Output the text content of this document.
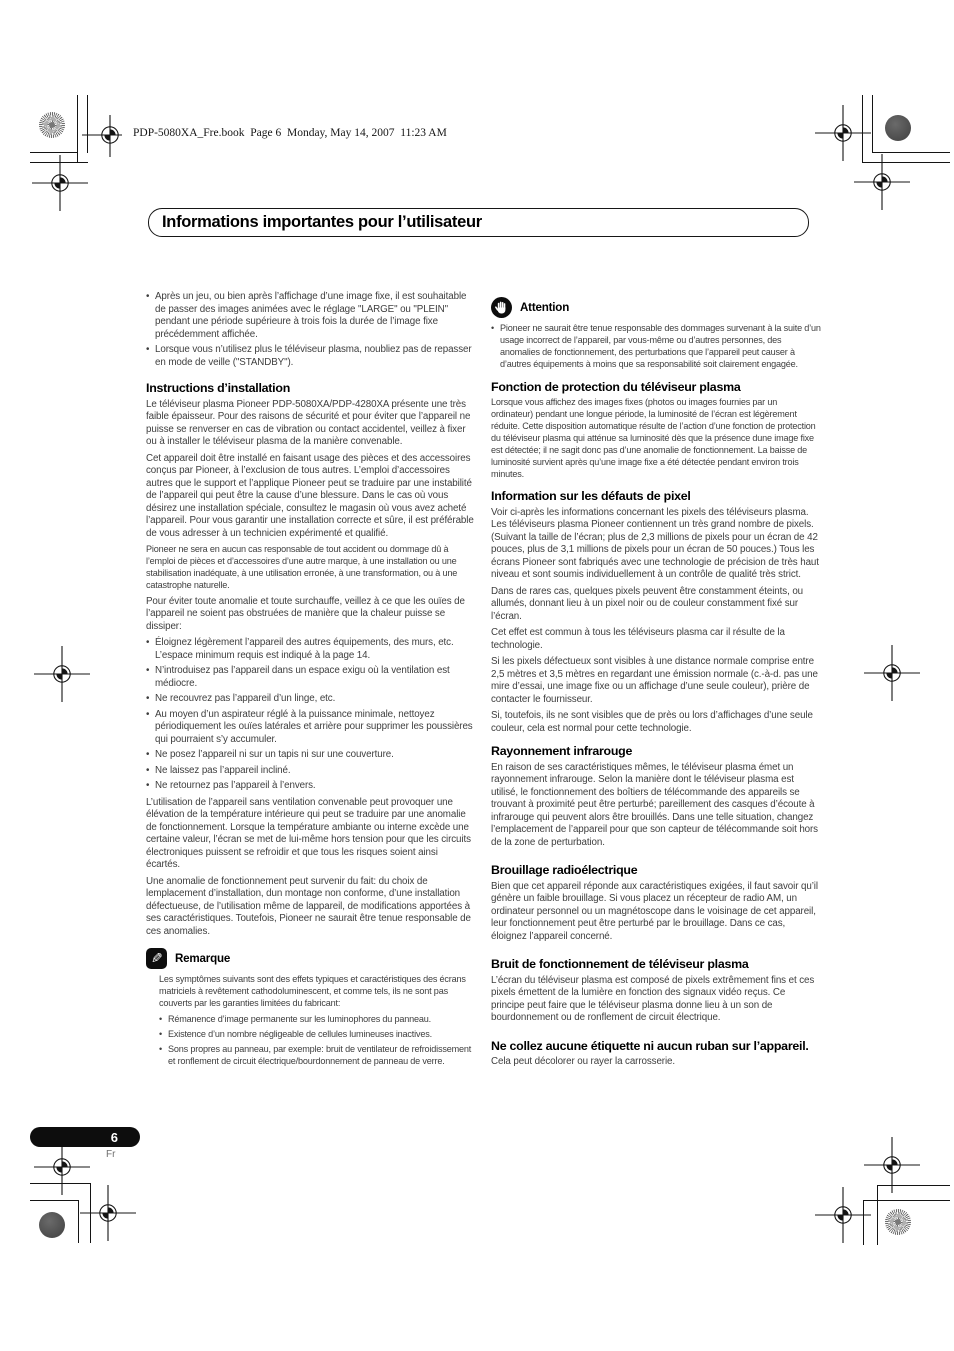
PDP-5080XA_Fre.book  Page 6  Monday, May 14, 2007  11:23 AM
Informations importantes pour l’utilisateur
• Après un jeu, ou bien après l’affichage d’une image fixe, il est souhaitable de passer des images animées avec le réglage "LARGE" ou "PLEIN" pendant une période supérieure à trois fois la durée de l’image fixe précédemment affichée.
• Lorsque vous n’utilisez plus le téléviseur plasma, noubliez pas de repasser en mode de veille ("STANDBY").
Instructions d’installation
Le téléviseur plasma Pioneer PDP-5080XA/PDP-4280XA présente une très faible épaisseur. Pour des raisons de sécurité et pour éviter que l’appareil ne puisse se renverser en cas de vibration ou contact accidentel, veillez à fixer ou à installer le téléviseur plasma de la manière convenable.
Cet appareil doit être installé en faisant usage des pièces et des accessoires conçus par Pioneer, à l’exclusion de tous autres. L’emploi d’accessoires autres que le support et l’applique Pioneer peut se traduire par une instabilité de l’appareil qui peut être la cause d’une blessure. Dans le cas où vous désirez une installation spéciale, consultez le magasin où vous avez acheté l’appareil. Pour vous garantir une installation correcte et sûre, il est préférable de vous adresser à un technicien expérimenté et qualifié.
Pioneer ne sera en aucun cas responsable de tout accident ou dommage dû à l’emploi de pièces et d’accessoires d’une autre marque, à une installation ou une stabilisation inadéquate, à une utilisation erronée, à une transformation, ou à une catastrophe naturelle.
Pour éviter toute anomalie et toute surchauffe, veillez à ce que les ouïes de l’appareil ne soient pas obstruées de manière que la chaleur puisse se dissiper:
• Éloignez légèrement l’appareil des autres équipements, des murs, etc. L’espace minimum requis est indiqué à la page 14.
• N’introduisez pas l’appareil dans un espace exigu où la ventilation est médiocre.
• Ne recouvrez pas l’appareil d’un linge, etc.
• Au moyen d’un aspirateur réglé à la puissance minimale, nettoyez périodiquement les ouïes latérales et arrière pour supprimer les poussières qui pourraient s’y accumuler.
• Ne posez l’appareil ni sur un tapis ni sur une couverture.
• Ne laissez pas l’appareil incliné.
• Ne retournez pas l’appareil à l’envers.
L’utilisation de l’appareil sans ventilation convenable peut provoquer une élévation de la température intérieure qui peut se traduire par une anomalie de fonctionnement. Lorsque la température ambiante ou interne excède une certaine valeur, l’écran se met de lui-même hors tension pour que les circuits électroniques puissent se refroidir et que tous les risques soient ainsi écartés.
Une anomalie de fonctionnement peut survenir du fait: du choix de lemplacement d’installation, dun montage non conforme, d’une installation défectueuse, de l’utilisation même de lappareil, de modifications apportées à ses caractéristiques. Toutefois, Pioneer ne saurait être tenue responsable de ces anomalies.
✎ Remarque
Les symptômes suivants sont des effets typiques et caractéristiques des écrans matriciels à revêtement cathodoluminescent, et comme tels, ils ne sont pas couverts par les garanties limitées du fabricant:
• Rémanence d’image permanente sur les luminophores du panneau.
• Existence d’un nombre négligeable de cellules lumineuses inactives.
• Sons propres au panneau, par exemple: bruit de ventilateur de refroidissement et ronflement de circuit électrique/bourdonnement de panneau de verre.
Attention
• Pioneer ne saurait être tenue responsable des dommages survenant à la suite d’un usage incorrect de l’appareil, par vous-même ou d’autres personnes, des anomalies de fonctionnement, des perturbations que l’appareil peut causer à d’autres équipements à moins que sa responsabilité soit clairement engagée.
Fonction de protection du téléviseur plasma
Lorsque vous affichez des images fixes (photos ou images fournies par un ordinateur) pendant une longue période, la luminosité de l’écran est légèrement réduite. Cette disposition automatique résulte de l’action d’une fonction de protection du téléviseur plasma qui atténue sa luminosité dès que la présence dune image fixe est détectée; il ne sagit donc pas d’une anomalie de fonctionnement. La baisse de luminosité survient après qu’une image fixe a été détectée pendant environ trois minutes.
Information sur les défauts de pixel
Voir ci-après les informations concernant les pixels des téléviseurs plasma. Les téléviseurs plasma Pioneer contiennent un très grand nombre de pixels. (Suivant la taille de l’écran; plus de 2,3 millions de pixels pour un écran de 42 pouces, plus de 3,1 millions de pixels pour un écran de 50 pouces.) Tous les écrans Pioneer sont fabriqués avec une technologie de précision de très haut niveau et sont soumis individuellement à un contrôle de qualité très strict.
Dans de rares cas, quelques pixels peuvent être constamment éteints, ou allumés, donnant lieu à un pixel noir ou de couleur constamment fixé sur l’écran.
Cet effet est commun à tous les téléviseurs plasma car il résulte de la technologie.
Si les pixels défectueux sont visibles à une distance normale comprise entre 2,5 mètres et 3,5 mètres en regardant une émission normale (c.-à-d. pas une mire d’essai, une image fixe ou un affichage d’une seule couleur), prière de contacter le fournisseur.
Si, toutefois, ils ne sont visibles que de près ou lors d’affichages d’une seule couleur, cela est normal pour cette technologie.
Rayonnement infrarouge
En raison de ses caractéristiques mêmes, le téléviseur plasma émet un rayonnement infrarouge. Selon la manière dont le téléviseur plasma est utilisé, le fonctionnement des boîtiers de télécommande des appareils se trouvant à proximité peut être perturbé; pareillement des casques d’écoute à infrarouge qui peuvent alors être brouillés. Dans une telle situation, changez l’emplacement de l’appareil pour que son capteur de télécommande soit hors de la zone de perturbation.
Brouillage radioélectrique
Bien que cet appareil réponde aux caractéristiques exigées, il faut savoir qu’il génère un faible brouillage. Si vous placez un récepteur de radio AM, un ordinateur personnel ou un magnétoscope dans le voisinage de cet appareil, leur fonctionnement peut être perturbé par le brouillage. Dans ce cas, éloignez l’appareil concerné.
Bruit de fonctionnement de téléviseur plasma
L’écran du téléviseur plasma est composé de pixels extrêmement fins et ces pixels émettent de la lumière en fonction des signaux vidéo reçus. Ce principe peut faire que le téléviseur plasma donne lieu à un son de bourdonnement ou de ronflement de circuit électrique.
Ne collez aucune étiquette ni aucun ruban sur l’appareil.
Cela peut décolorer ou rayer la carrosserie.
6
Fr
